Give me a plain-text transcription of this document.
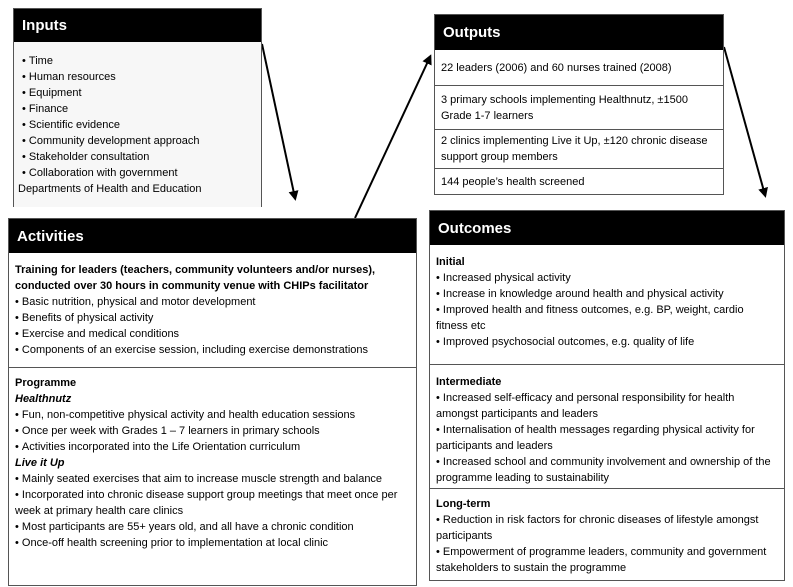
Inputs
• Time
• Human resources
• Equipment
• Finance
• Scientific evidence
• Community development approach
• Stakeholder consultation
• Collaboration with government
Departments of Health and Education
Activities
Training for leaders (teachers, community volunteers and/or nurses), conducted over 30 hours in community venue with CHIPs facilitator
• Basic nutrition, physical and motor development
• Benefits of physical activity
• Exercise and medical conditions
• Components of an exercise session, including exercise demonstrations
Programme
Healthnutz
• Fun, non-competitive physical activity and health education sessions
• Once per week with Grades 1 – 7 learners in primary schools
• Activities incorporated into the Life Orientation curriculum
Live it Up
• Mainly seated exercises that aim to increase muscle strength and balance
• Incorporated into chronic disease support group meetings that meet once per week at primary health care clinics
• Most participants are 55+ years old, and all have a chronic condition
• Once-off health screening prior to implementation at local clinic
Outputs
22 leaders (2006) and 60 nurses trained (2008)
3 primary schools implementing Healthnutz, ±1500 Grade 1-7 learners
2 clinics implementing Live it Up, ±120 chronic disease support group members
144 people’s health screened
Outcomes
Initial
• Increased physical activity
• Increase in knowledge around health and physical activity
• Improved health and fitness outcomes, e.g. BP, weight, cardio fitness etc
• Improved psychosocial outcomes, e.g. quality of life
Intermediate
• Increased self-efficacy and personal responsibility for health amongst participants and leaders
• Internalisation of health messages regarding physical activity for participants and leaders
• Increased school and community involvement and ownership of the programme leading to sustainability
Long-term
• Reduction in risk factors for chronic diseases of lifestyle amongst participants
• Empowerment of programme leaders, community and government stakeholders to sustain the programme
